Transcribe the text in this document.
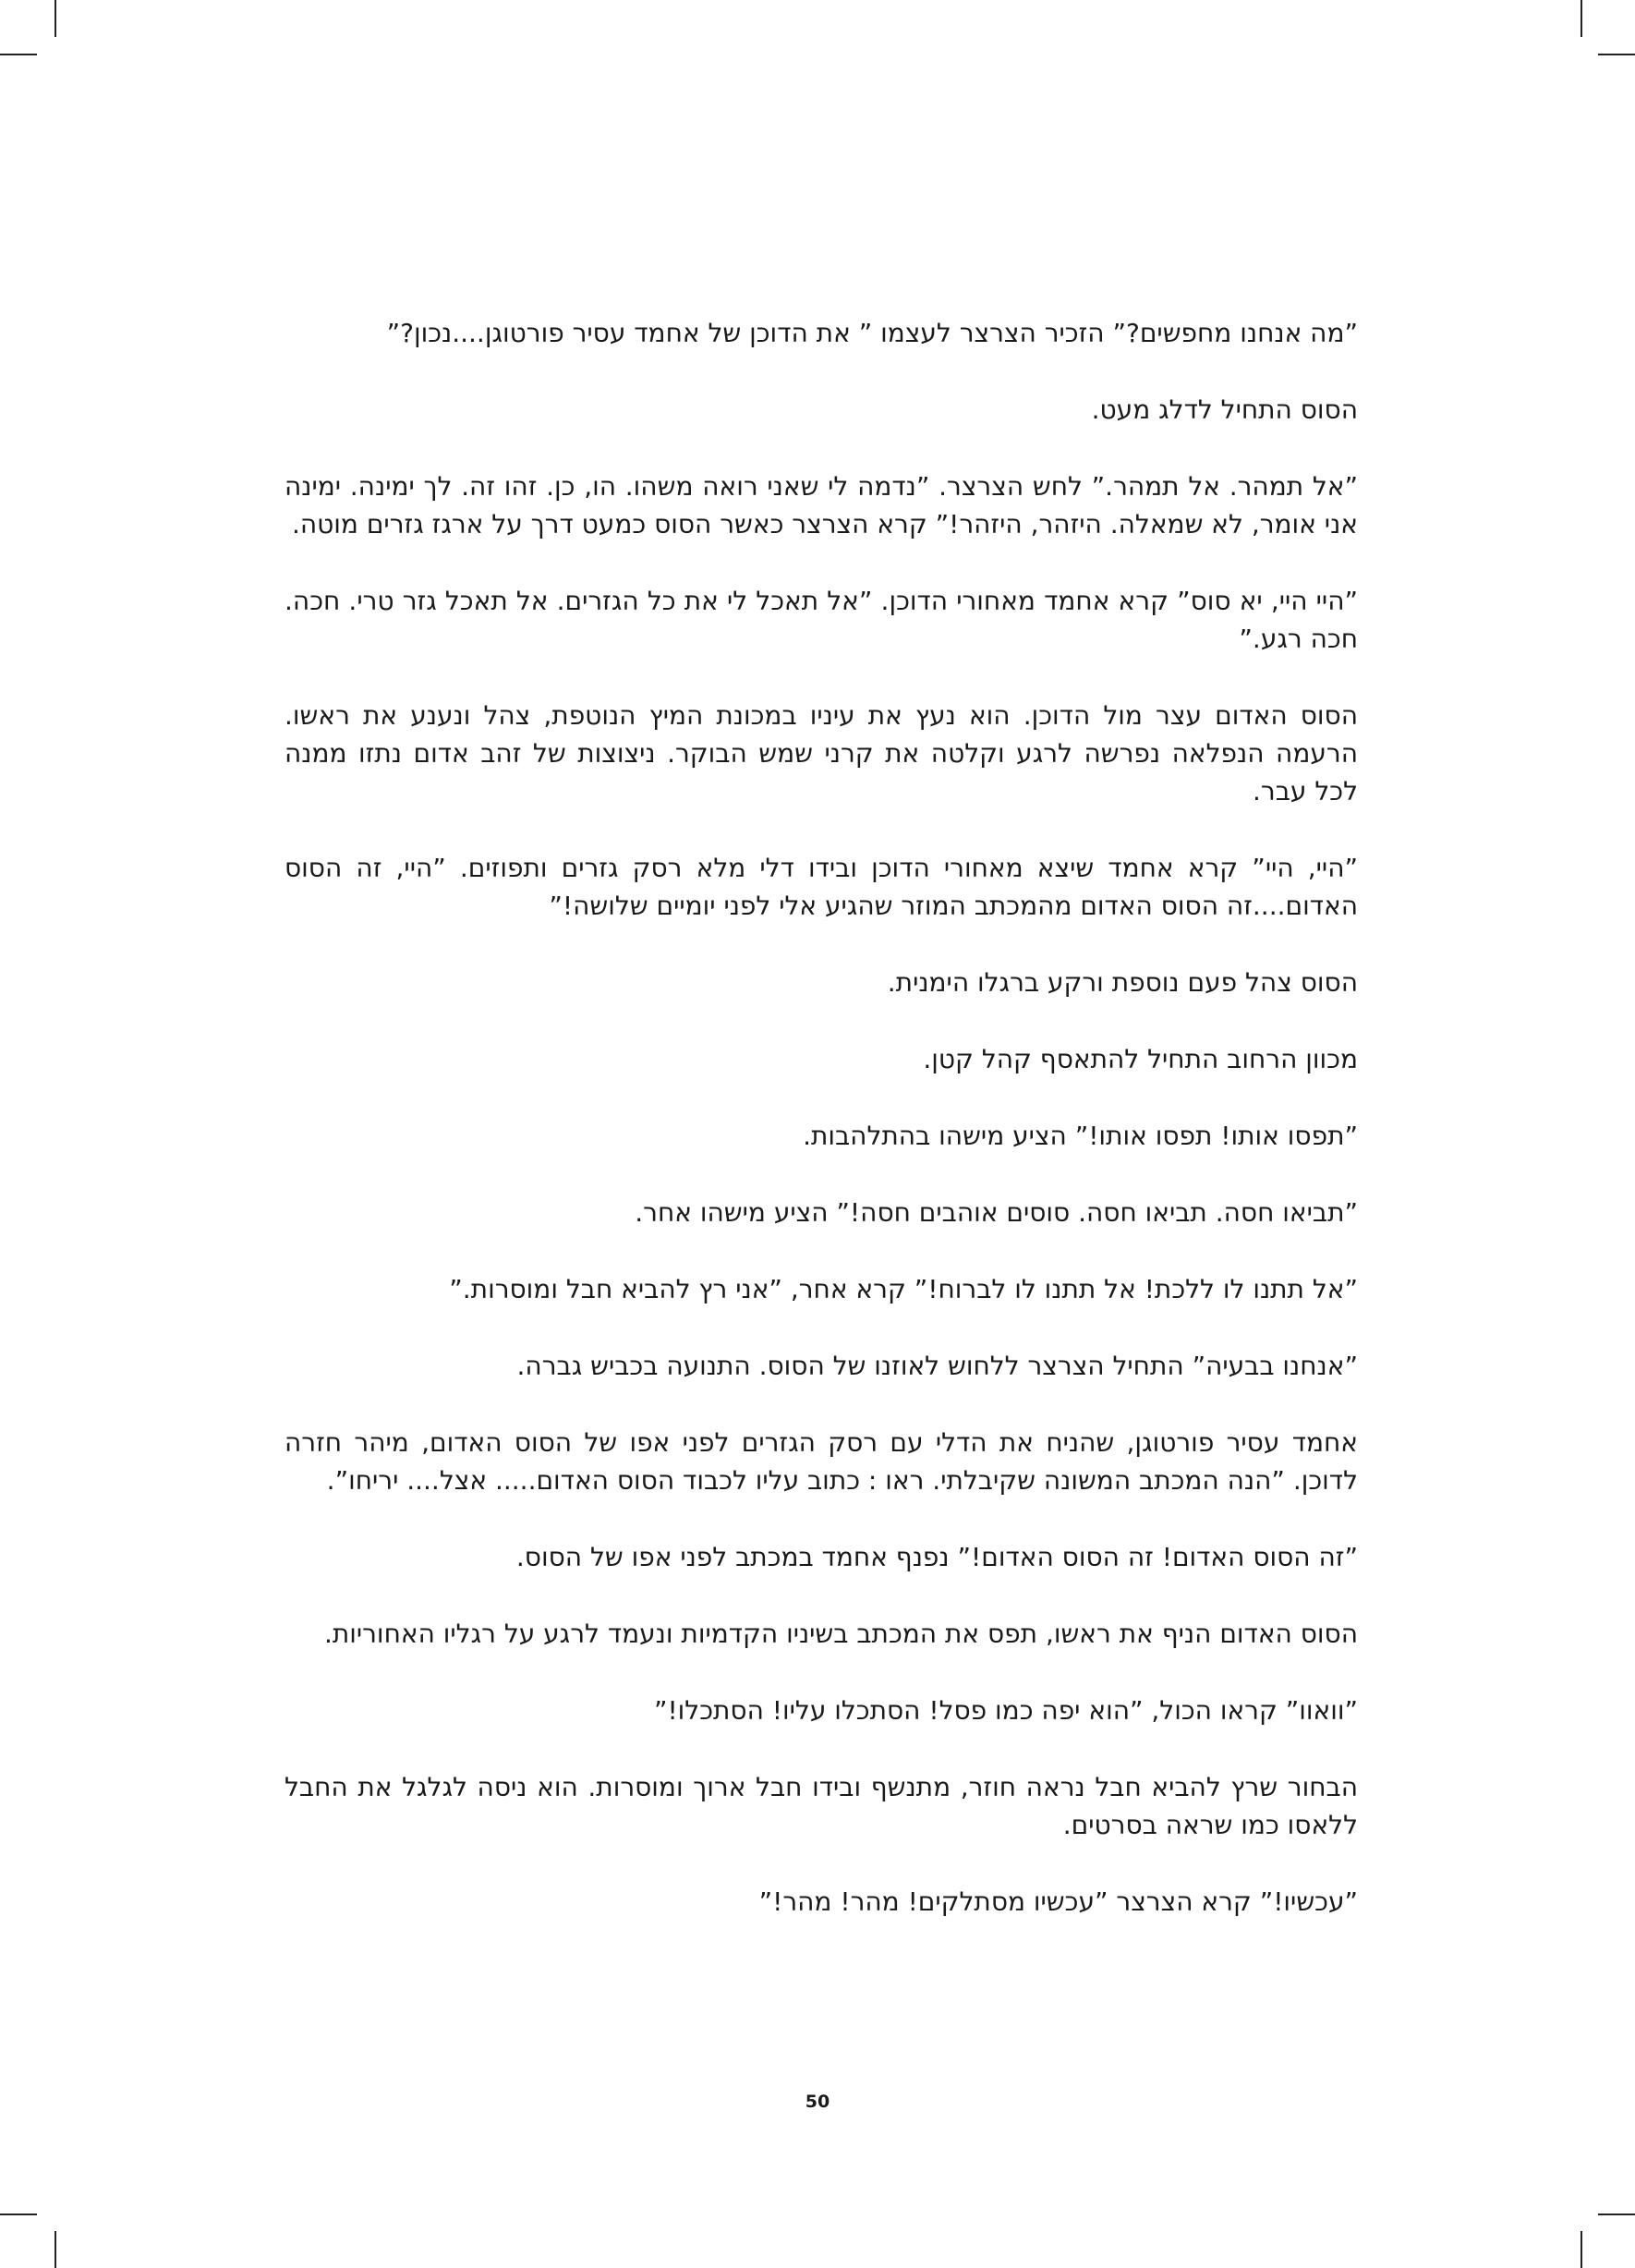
”מה אנחנו מחפשים?” הזכיר הצרצר לעצמו ” את הדוכן של אחמד עסיר פורטוגן....נכון?”

הסוס התחיל לדלג מעט.

”אל תמהר. אל תמהר.” לחש הצרצר. ”נדמה לי שאני רואה משהו. הו, כן. זהו זה. לך ימינה. ימינה אני אומר, לא שמאלה. היזהר, היזהר!” קרא הצרצר כאשר הסוס כמעט דרך על ארגז גזרים מוטה.

”היי היי, יא סוס” קרא אחמד מאחורי הדוכן. ”אל תאכל לי את כל הגזרים. אל תאכל גזר טרי. חכה. חכה רגע.”

הסוס האדום עצר מול הדוכן. הוא נעץ את עיניו במכונת המיץ הנוטפת, צהל ונענע את ראשו. הרעמה הנפלאה נפרשה לרגע וקלטה את קרני שמש הבוקר. ניצוצות של זהב אדום נתזו ממנה לכל עבר.

”היי, היי” קרא אחמד שיצא מאחורי הדוכן ובידו דלי מלא רסק גזרים ותפוזים. ”היי, זה הסוס האדום....זה הסוס האדום מהמכתב המוזר שהגיע אלי לפני יומיים שלושה!”

הסוס צהל פעם נוספת ורקע ברגלו הימנית.

מכוון הרחוב התחיל להתאסף קהל קטן.

”תפסו אותו! תפסו אותו!” הציע מישהו בהתלהבות.

”תביאו חסה. תביאו חסה. סוסים אוהבים חסה!” הציע מישהו אחר.

”אל תתנו לו ללכת! אל תתנו לו לברוח!” קרא אחר, ”אני רץ להביא חבל ומוסרות.”

”אנחנו בבעיה” התחיל הצרצר ללחוש לאוזנו של הסוס. התנועה בכביש גברה.

אחמד עסיר פורטוגן, שהניח את הדלי עם רסק הגזרים לפני אפו של הסוס האדום, מיהר חזרה לדוכן. ”הנה המכתב המשונה שקיבלתי. ראו : כתוב עליו לכבוד הסוס האדום..... אצל.... יריחו”.

”זה הסוס האדום! זה הסוס האדום!” נפנף אחמד במכתב לפני אפו של הסוס.

הסוס האדום הניף את ראשו, תפס את המכתב בשיניו הקדמיות ונעמד לרגע על רגליו האחוריות.

”וואוו” קראו הכול, ”הוא יפה כמו פסל! הסתכלו עליו! הסתכלו!”

הבחור שרץ להביא חבל נראה חוזר, מתנשף ובידו חבל ארוך ומוסרות. הוא ניסה לגלגל את החבל ללאסו כמו שראה בסרטים.

”עכשיו!” קרא הצרצר ”עכשיו מסתלקים! מהר! מהר!”

50
